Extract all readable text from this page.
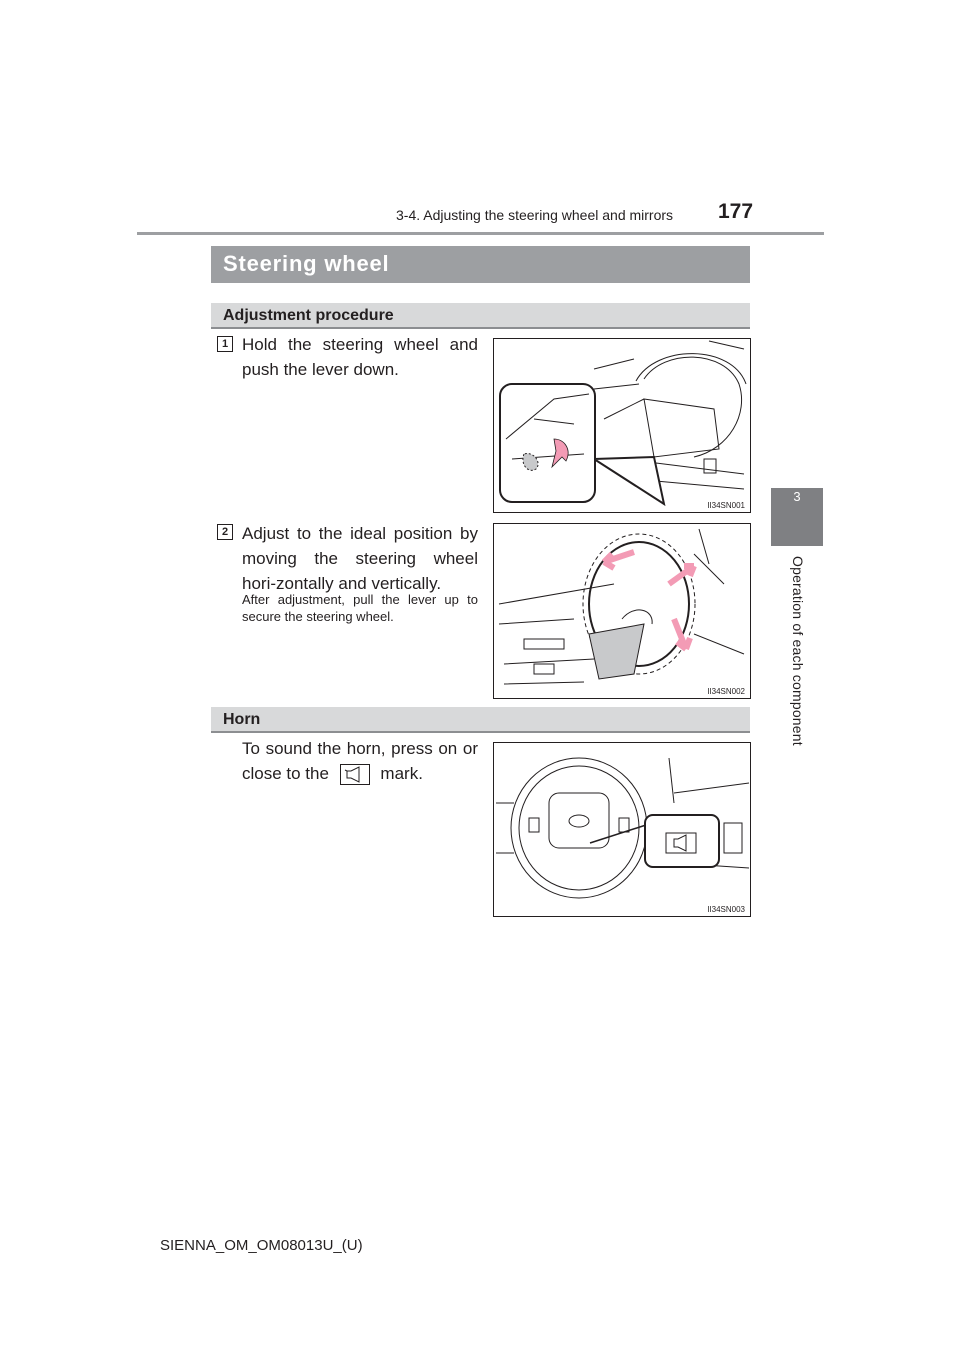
3-4. Adjusting the steering wheel and mirrors 177
3
Operation of each component
Steering wheel
Adjustment procedure
1 Hold the steering wheel and push the lever down.
II34SN001
2 Adjust to the ideal position by moving the steering wheel hori-zontally and vertically.
After adjustment, pull the lever up to secure the steering wheel.
II34SN002
Horn
To sound the horn, press on or close to the	mark.
II34SN003
SIENNA_OM_OM08013U_(U)
